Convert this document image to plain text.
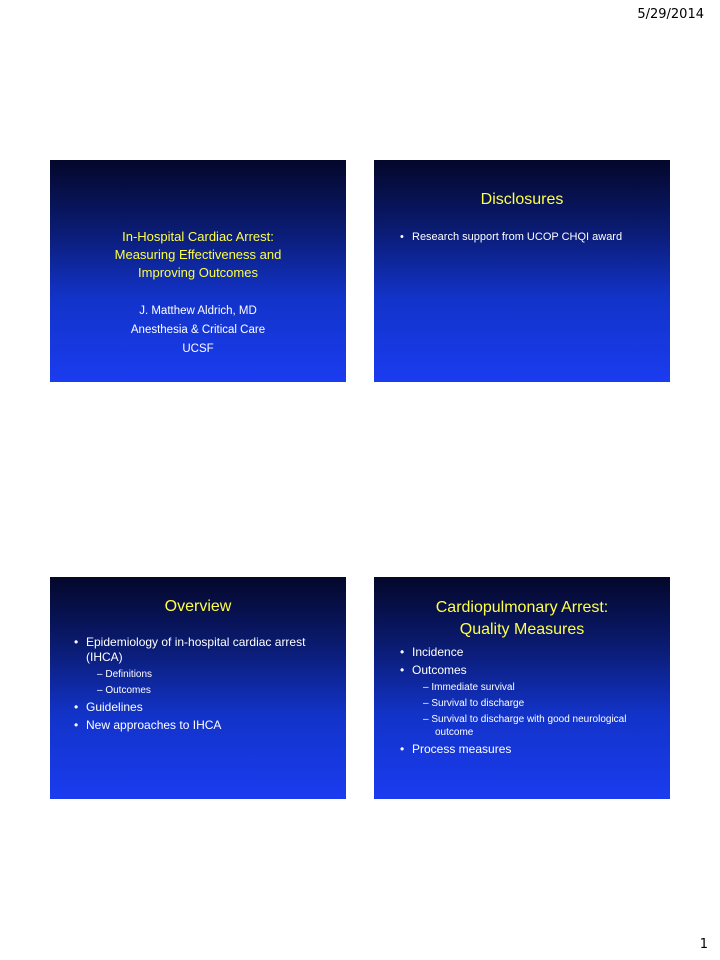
5/29/2014
In-Hospital Cardiac Arrest:
Measuring Effectiveness and
Improving Outcomes
J. Matthew Aldrich, MD
Anesthesia & Critical Care
UCSF
Disclosures
• Research support from UCOP CHQI award
Overview
• Epidemiology of in-hospital cardiac arrest (IHCA)
– Definitions
– Outcomes
• Guidelines
• New approaches to IHCA
Cardiopulmonary Arrest:
Quality Measures
• Incidence
• Outcomes
– Immediate survival
– Survival to discharge
– Survival to discharge with good neurological outcome
• Process measures
1
